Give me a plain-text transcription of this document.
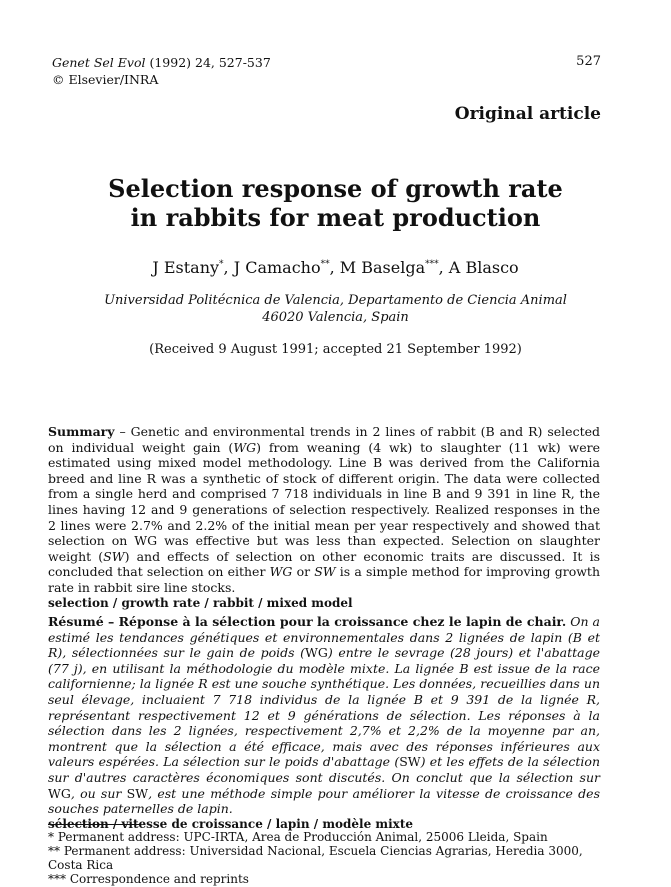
Genet Sel Evol (1992) 24, 527-537
© Elsevier/INRA
527
Original article
Selection response of growth rate
in rabbits for meat production
J Estany*, J Camacho**, M Baselga***, A Blasco
Universidad Politécnica de Valencia, Departamento de Ciencia Animal
46020 Valencia, Spain
(Received 9 August 1991; accepted 21 September 1992)
Summary – Genetic and environmental trends in 2 lines of rabbit (B and R) selected on individual weight gain (WG) from weaning (4 wk) to slaughter (11 wk) were estimated using mixed model methodology. Line B was derived from the California breed and line R was a synthetic of stock of different origin. The data were collected from a single herd and comprised 7 718 individuals in line B and 9 391 in line R, the lines having 12 and 9 generations of selection respectively. Realized responses in the 2 lines were 2.7% and 2.2% of the initial mean per year respectively and showed that selection on WG was effective but was less than expected. Selection on slaughter weight (SW) and effects of selection on other economic traits are discussed. It is concluded that selection on either WG or SW is a simple method for improving growth rate in rabbit sire line stocks.
selection / growth rate / rabbit / mixed model
Résumé – Réponse à la sélection pour la croissance chez le lapin de chair. On a estimé les tendances génétiques et environnementales dans 2 lignées de lapin (B et R), sélectionnées sur le gain de poids (WG) entre le sevrage (28 jours) et l'abattage (77 j), en utilisant la méthodologie du modèle mixte. La lignée B est issue de la race californienne; la lignée R est une souche synthétique. Les données, recueillies dans un seul élevage, incluaient 7 718 individus de la lignée B et 9 391 de la lignée R, représentant respectivement 12 et 9 générations de sélection. Les réponses à la sélection dans les 2 lignées, respectivement 2,7% et 2,2% de la moyenne par an, montrent que la sélection a été efficace, mais avec des réponses inférieures aux valeurs espérées. La sélection sur le poids d'abattage (SW) et les effets de la sélection sur d'autres caractères économiques sont discutés. On conclut que la sélection sur WG, ou sur SW, est une méthode simple pour améliorer la vitesse de croissance des souches paternelles de lapin.
sélection / vitesse de croissance / lapin / modèle mixte
* Permanent address: UPC-IRTA, Area de Producción Animal, 25006 Lleida, Spain
** Permanent address: Universidad Nacional, Escuela Ciencias Agrarias, Heredia 3000, Costa Rica
*** Correspondence and reprints
